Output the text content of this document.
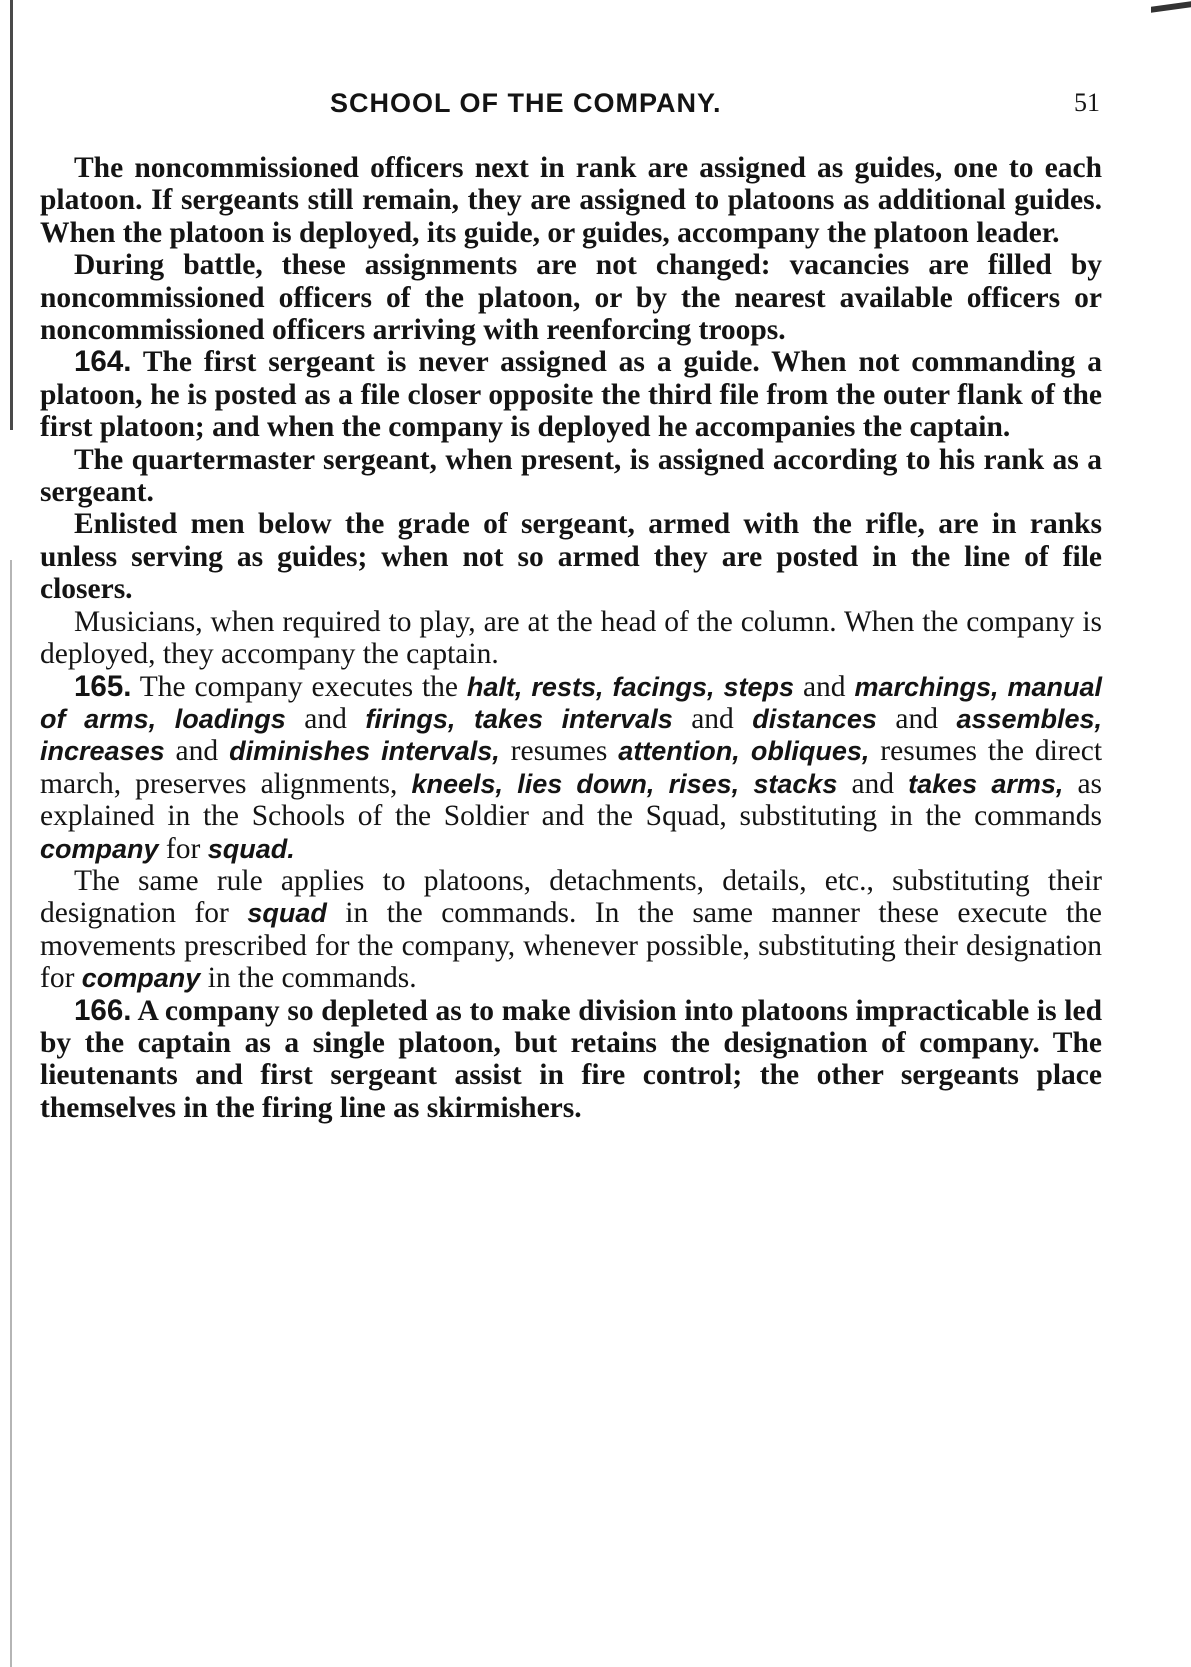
SCHOOL OF THE COMPANY.	51

The noncommissioned officers next in rank are assigned as guides, one to each platoon. If sergeants still remain, they are assigned to platoons as additional guides. When the platoon is deployed, its guide, or guides, accompany the platoon leader.

During battle, these assignments are not changed: vacancies are filled by noncommissioned officers of the platoon, or by the nearest available officers or noncommissioned officers arriving with reenforcing troops.

164. The first sergeant is never assigned as a guide. When not commanding a platoon, he is posted as a file closer opposite the third file from the outer flank of the first platoon; and when the company is deployed he accompanies the captain.

The quartermaster sergeant, when present, is assigned according to his rank as a sergeant.

Enlisted men below the grade of sergeant, armed with the rifle, are in ranks unless serving as guides; when not so armed they are posted in the line of file closers.

Musicians, when required to play, are at the head of the column. When the company is deployed, they accompany the captain.

165. The company executes the halt, rests, facings, steps and marchings, manual of arms, loadings and firings, takes intervals and distances and assembles, increases and diminishes intervals, resumes attention, obliques, resumes the direct march, preserves alignments, kneels, lies down, rises, stacks and takes arms, as explained in the Schools of the Soldier and the Squad, substituting in the commands company for squad.

The same rule applies to platoons, detachments, details, etc., substituting their designation for squad in the commands. In the same manner these execute the movements prescribed for the company, whenever possible, substituting their designation for company in the commands.

166. A company so depleted as to make division into platoons impracticable is led by the captain as a single platoon, but retains the designation of company. The lieutenants and first sergeant assist in fire control; the other sergeants place themselves in the firing line as skirmishers.
